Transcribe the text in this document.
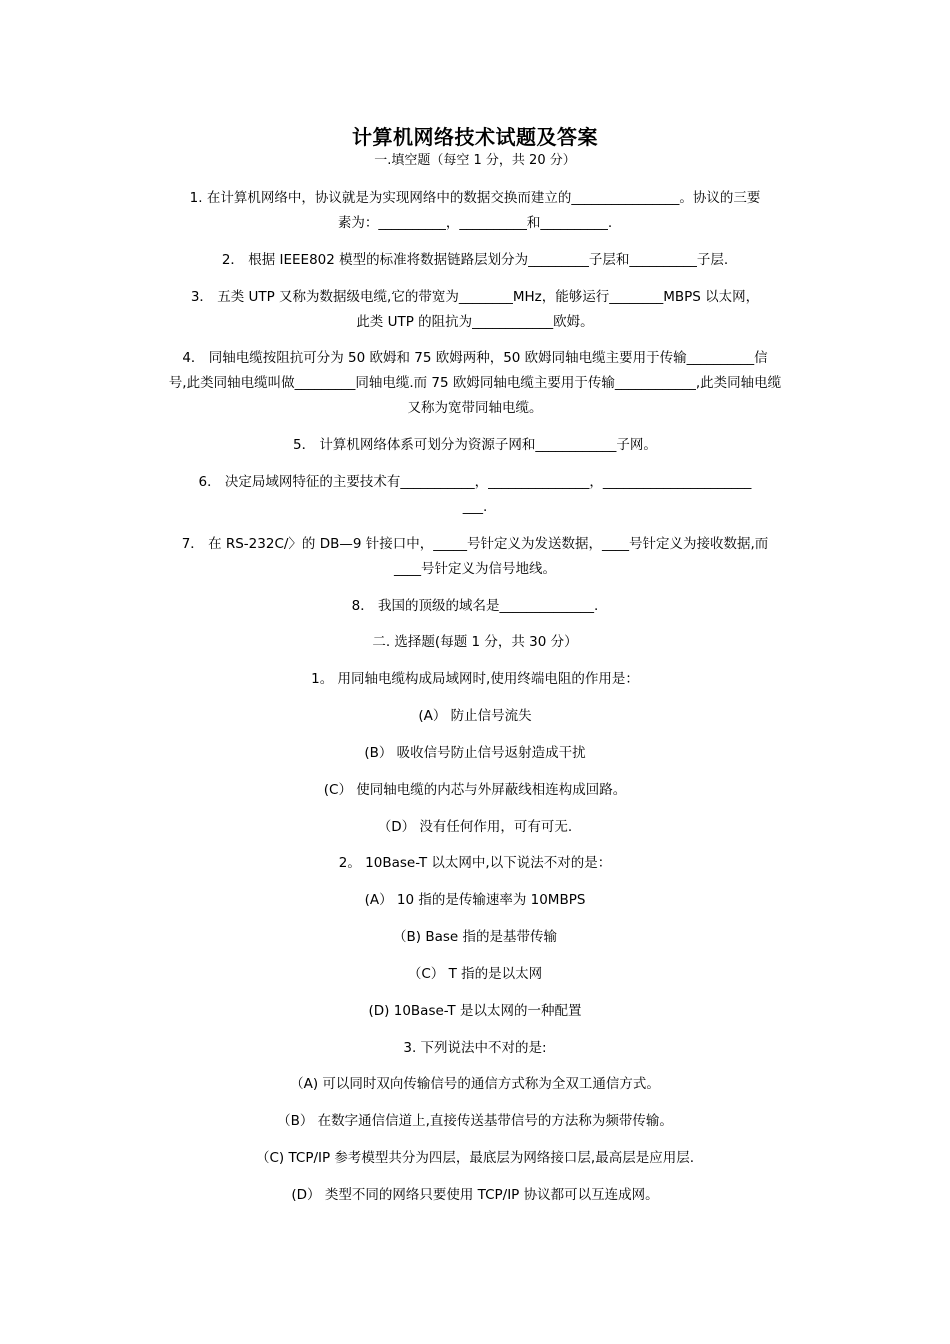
计算机网络技术试题及答案
一.填空题（每空 1 分，共 20 分）
1. 在计算机网络中，协议就是为实现网络中的数据交换而建立的________________。协议的三要
素为：__________，__________和__________.
2． 根据 IEEE802 模型的标准将数据链路层划分为_________子层和__________子层.
3． 五类 UTP 又称为数据级电缆,它的带宽为________MHz，能够运行________MBPS 以太网，
此类 UTP 的阻抗为____________欧姆。
4． 同轴电缆按阻抗可分为 50 欧姆和 75 欧姆两种，50 欧姆同轴电缆主要用于传输__________信
号,此类同轴电缆叫做_________同轴电缆.而 75 欧姆同轴电缆主要用于传输____________,此类同轴电缆
又称为宽带同轴电缆。
5． 计算机网络体系可划分为资源子网和____________子网。
6． 决定局域网特征的主要技术有___________，_______________，______________________
___.
7． 在 RS-232C/〉的 DB—9 针接口中，_____号针定义为发送数据，____号针定义为接收数据,而
____号针定义为信号地线。
8． 我国的顶级的域名是______________.
二. 选择题(每题 1 分，共 30 分）
1。 用同轴电缆构成局域网时,使用终端电阻的作用是：
(A） 防止信号流失
(B） 吸收信号防止信号返射造成干扰
(C） 使同轴电缆的内芯与外屏蔽线相连构成回路。
（D） 没有任何作用，可有可无.
2。 10Base-T 以太网中,以下说法不对的是：
(A） 10 指的是传输速率为 10MBPS
（B) Base 指的是基带传输
（C） T 指的是以太网
(D) 10Base-T 是以太网的一种配置
3. 下列说法中不对的是:
（A) 可以同时双向传输信号的通信方式称为全双工通信方式。
（B） 在数字通信信道上,直接传送基带信号的方法称为频带传输。
（C) TCP/IP 参考模型共分为四层，最底层为网络接口层,最高层是应用层.
(D） 类型不同的网络只要使用 TCP/IP 协议都可以互连成网。
